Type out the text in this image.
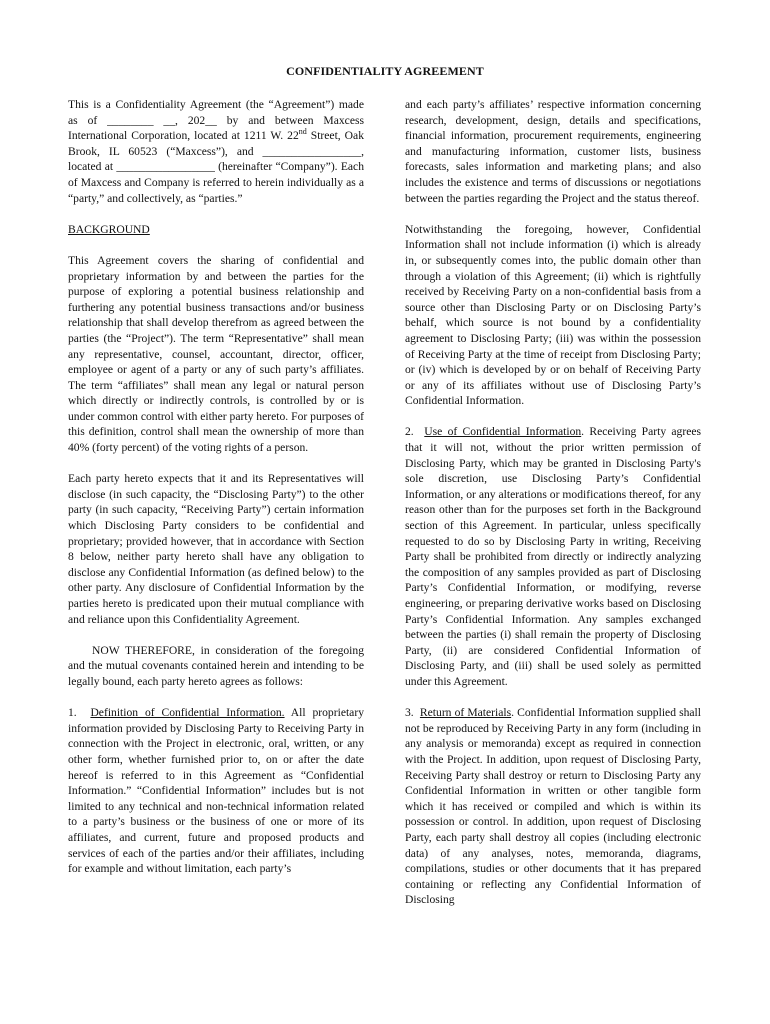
CONFIDENTIALITY AGREEMENT

This is a Confidentiality Agreement (the “Agreement”) made as of ________ __, 202__ by and between Maxcess International Corporation, located at 1211 W. 22nd Street, Oak Brook, IL 60523 (“Maxcess”), and _________________, located at _________________ (hereinafter “Company”). Each of Maxcess and Company is referred to herein individually as a “party,” and collectively, as “parties.”

BACKGROUND

This Agreement covers the sharing of confidential and proprietary information by and between the parties for the purpose of exploring a potential business relationship and furthering any potential business transactions and/or business relationship that shall develop therefrom as agreed between the parties (the “Project”). The term “Representative” shall mean any representative, counsel, accountant, director, officer, employee or agent of a party or any of such party’s affiliates. The term “affiliates” shall mean any legal or natural person which directly or indirectly controls, is controlled by or is under common control with either party hereto. For purposes of this definition, control shall mean the ownership of more than 40% (forty percent) of the voting rights of a person.

Each party hereto expects that it and its Representatives will disclose (in such capacity, the “Disclosing Party”) to the other party (in such capacity, “Receiving Party”) certain information which Disclosing Party considers to be confidential and proprietary; provided however, that in accordance with Section 8 below, neither party hereto shall have any obligation to disclose any Confidential Information (as defined below) to the other party. Any disclosure of Confidential Information by the parties hereto is predicated upon their mutual compliance with and reliance upon this Confidentiality Agreement.

NOW THEREFORE, in consideration of the foregoing and the mutual covenants contained herein and intending to be legally bound, each party hereto agrees as follows:

1. Definition of Confidential Information. All proprietary information provided by Disclosing Party to Receiving Party in connection with the Project in electronic, oral, written, or any other form, whether furnished prior to, on or after the date hereof is referred to in this Agreement as “Confidential Information.” “Confidential Information” includes but is not limited to any technical and non-technical information related to a party’s business or the business of one or more of its affiliates, and current, future and proposed products and services of each of the parties and/or their affiliates, including for example and without limitation, each party’s

and each party’s affiliates’ respective information concerning research, development, design, details and specifications, financial information, procurement requirements, engineering and manufacturing information, customer lists, business forecasts, sales information and marketing plans; and also includes the existence and terms of discussions or negotiations between the parties regarding the Project and the status thereof.

Notwithstanding the foregoing, however, Confidential Information shall not include information (i) which is already in, or subsequently comes into, the public domain other than through a violation of this Agreement; (ii) which is rightfully received by Receiving Party on a non-confidential basis from a source other than Disclosing Party or on Disclosing Party’s behalf, which source is not bound by a confidentiality agreement to Disclosing Party; (iii) was within the possession of Receiving Party at the time of receipt from Disclosing Party; or (iv) which is developed by or on behalf of Receiving Party or any of its affiliates without use of Disclosing Party’s Confidential Information.

2. Use of Confidential Information. Receiving Party agrees that it will not, without the prior written permission of Disclosing Party, which may be granted in Disclosing Party's sole discretion, use Disclosing Party’s Confidential Information, or any alterations or modifications thereof, for any reason other than for the purposes set forth in the Background section of this Agreement. In particular, unless specifically requested to do so by Disclosing Party in writing, Receiving Party shall be prohibited from directly or indirectly analyzing the composition of any samples provided as part of Disclosing Party’s Confidential Information, or modifying, reverse engineering, or preparing derivative works based on Disclosing Party’s Confidential Information. Any samples exchanged between the parties (i) shall remain the property of Disclosing Party, (ii) are considered Confidential Information of Disclosing Party, and (iii) shall be used solely as permitted under this Agreement.

3. Return of Materials. Confidential Information supplied shall not be reproduced by Receiving Party in any form (including in any analysis or memoranda) except as required in connection with the Project. In addition, upon request of Disclosing Party, Receiving Party shall destroy or return to Disclosing Party any Confidential Information in written or other tangible form which it has received or compiled and which is within its possession or control. In addition, upon request of Disclosing Party, each party shall destroy all copies (including electronic data) of any analyses, notes, memoranda, diagrams, compilations, studies or other documents that it has prepared containing or reflecting any Confidential Information of Disclosing
